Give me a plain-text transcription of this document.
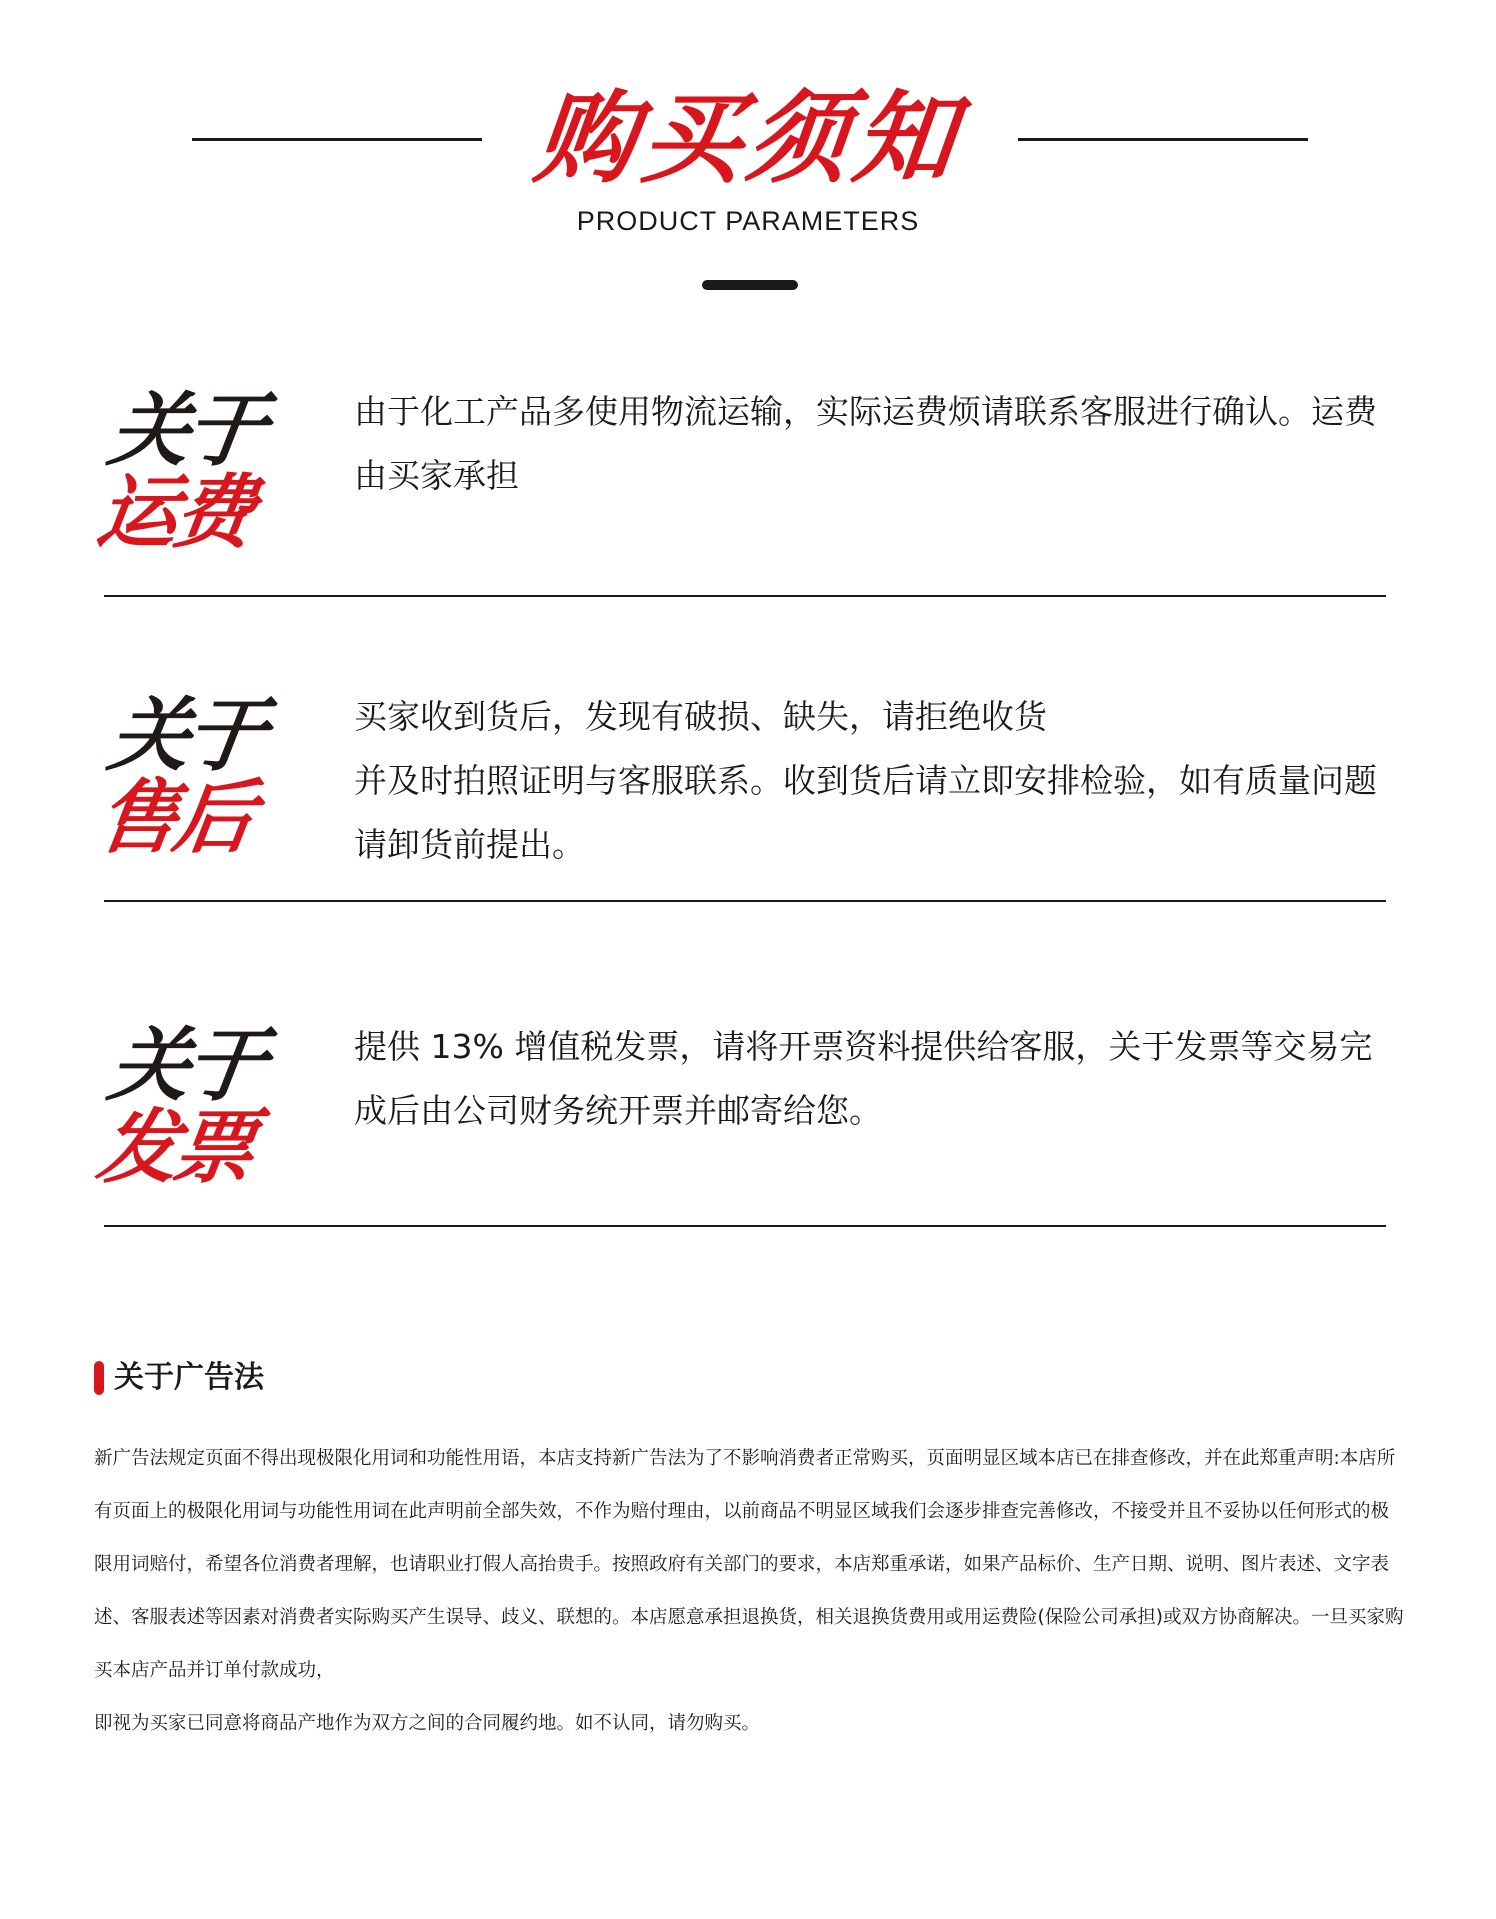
购买须知
PRODUCT PARAMETERS
关于
运费

由于化工产品多使用物流运输，实际运费烦请联系客服进行确认。运费由买家承担

关于
售后

买家收到货后，发现有破损、缺失，请拒绝收货

并及时拍照证明与客服联系。收到货后请立即安排检验，如有质量问题请卸货前提出。

关于
发票

提供 13% 增值税发票，请将开票资料提供给客服，关于发票等交易完成后由公司财务统开票并邮寄给您。

关于广告法

新广告法规定页面不得出现极限化用词和功能性用语，本店支持新广告法为了不影响消费者正常购买，页面明显区域本店已在排查修改，并在此郑重声明:本店所有页面上的极限化用词与功能性用词在此声明前全部失效，不作为赔付理由，以前商品不明显区域我们会逐步排查完善修改，不接受并且不妥协以任何形式的极限用词赔付，希望各位消费者理解，也请职业打假人高抬贵手。按照政府有关部门的要求，本店郑重承诺，如果产品标价、生产日期、说明、图片表述、文字表述、客服表述等因素对消费者实际购买产生误导、歧义、联想的。本店愿意承担退换货，相关退换货费用或用运费险(保险公司承担)或双方协商解决。一旦买家购买本店产品并订单付款成功，

即视为买家已同意将商品产地作为双方之间的合同履约地。如不认同，请勿购买。
